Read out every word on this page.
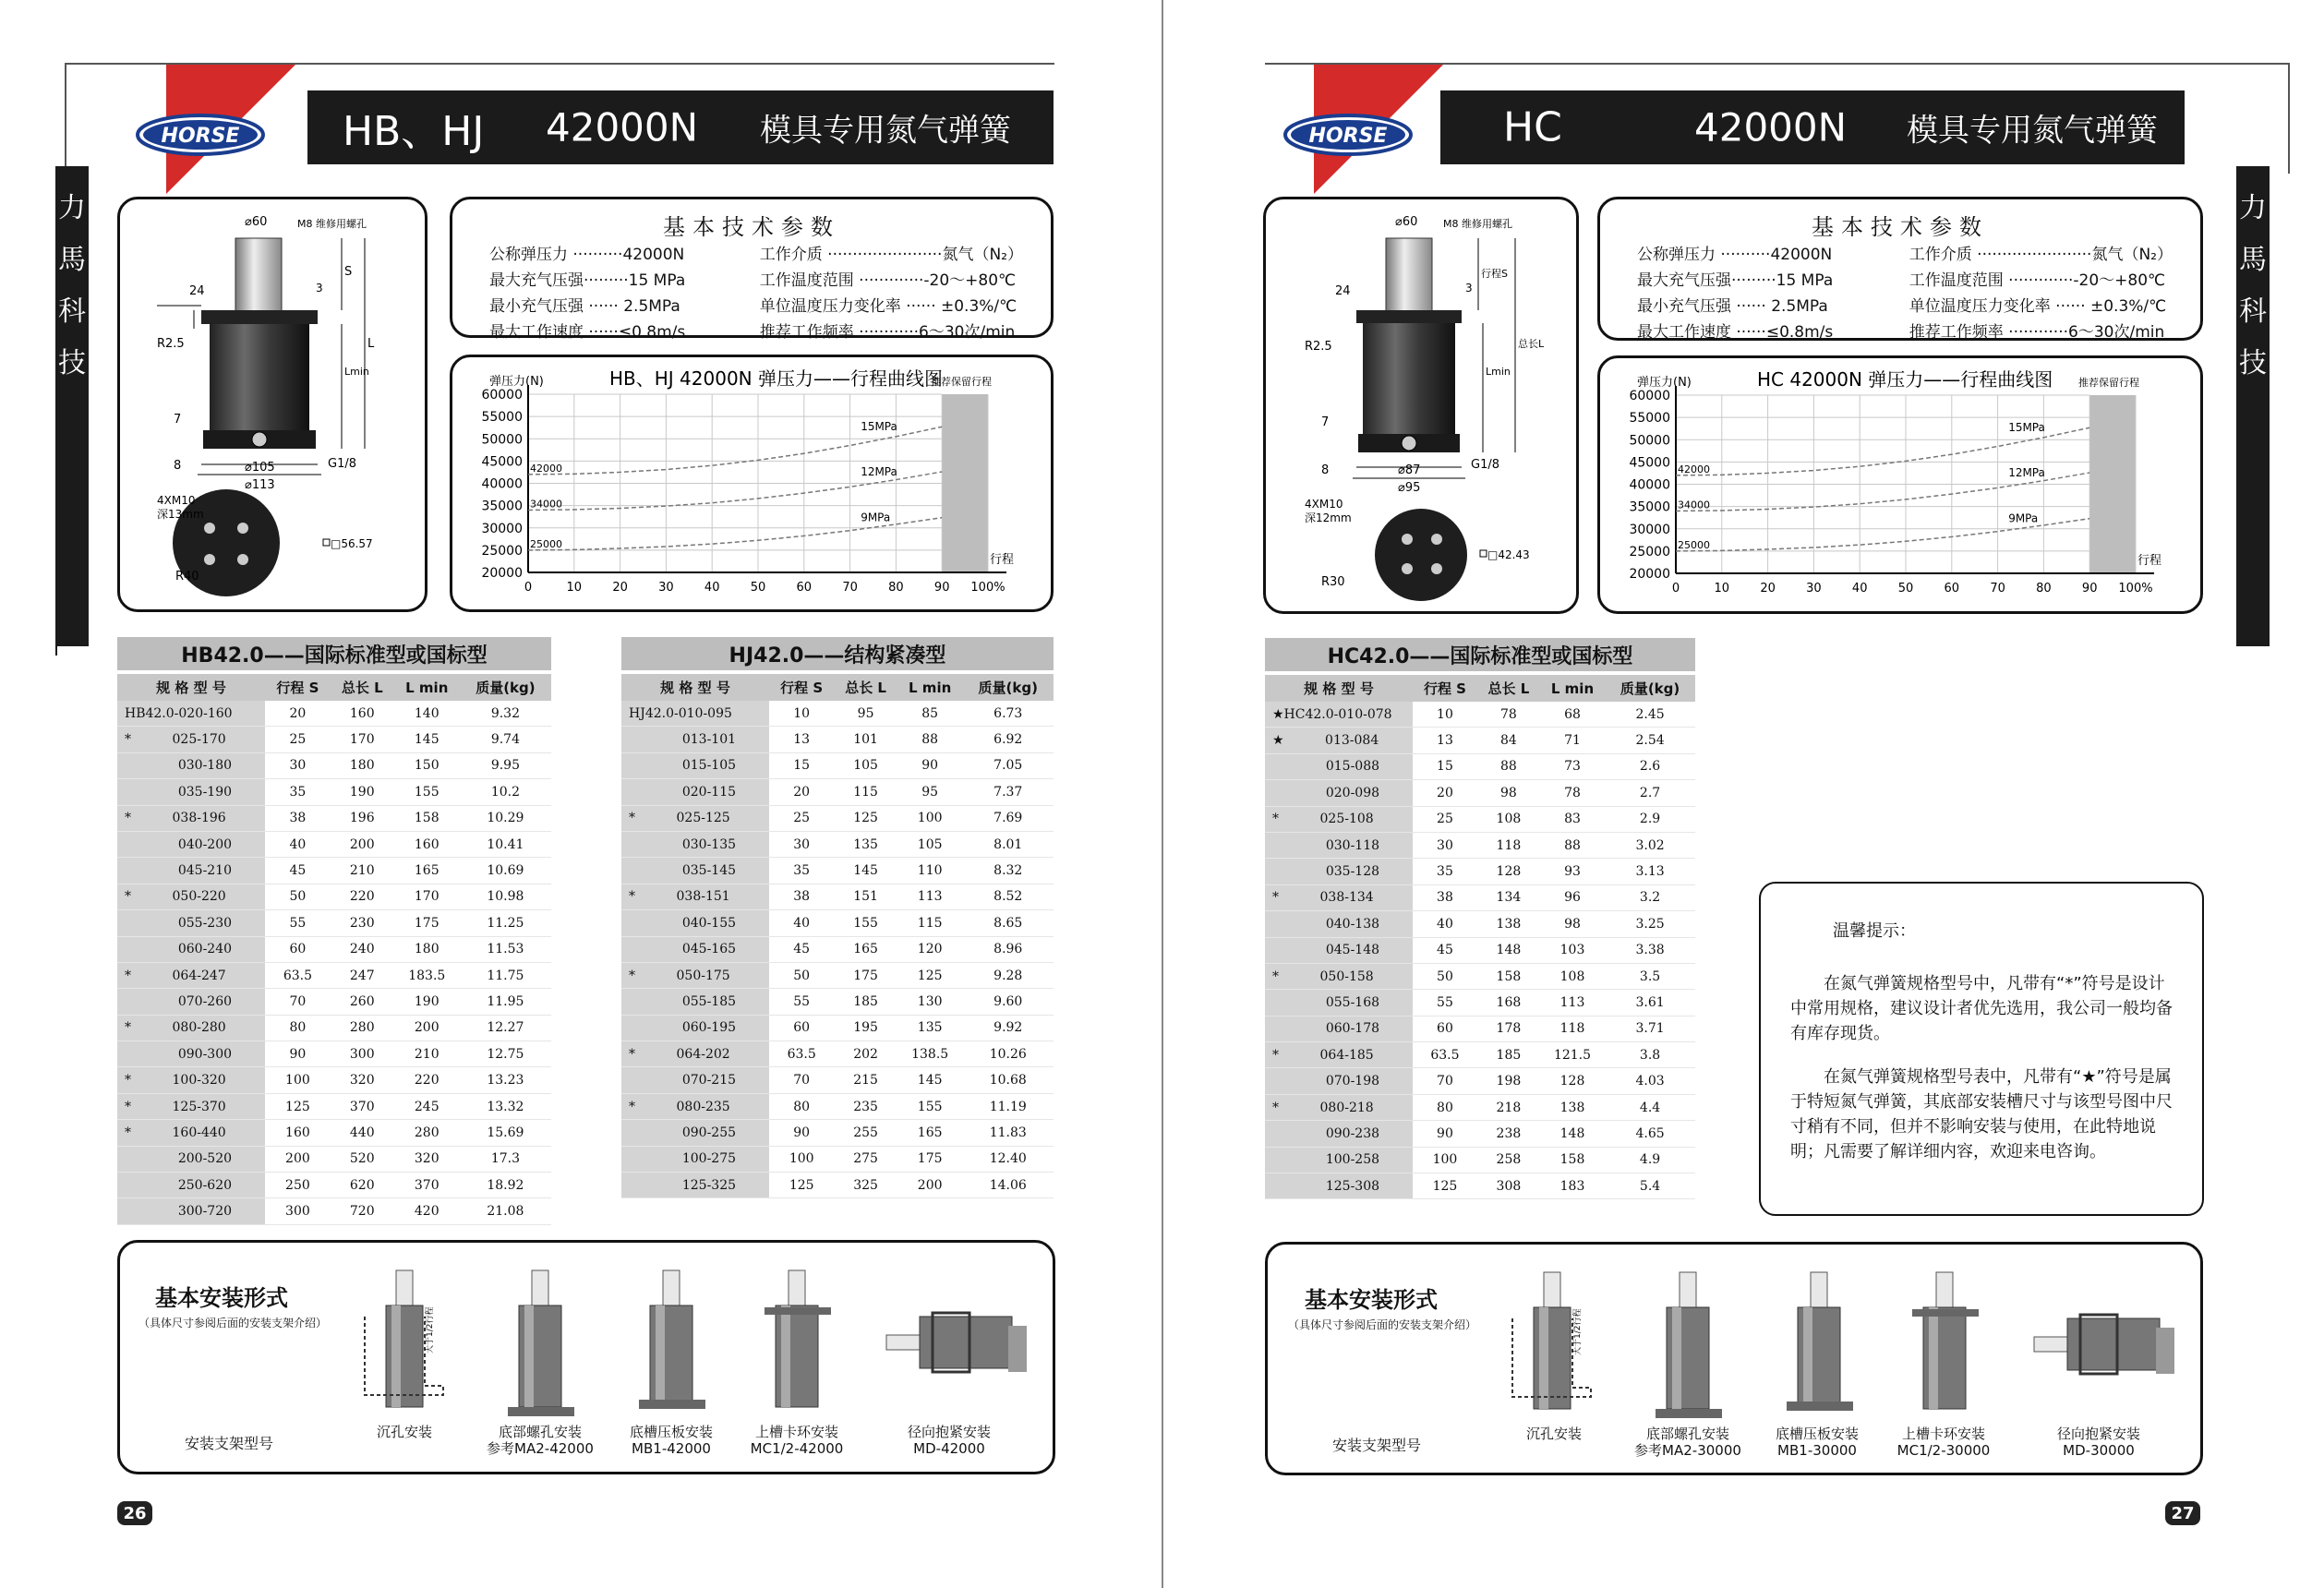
HORSE	HB、HJ 42000N 模具专用氮气弹簧
⌀60	M8 维修用螺孔
24	3
S
L
Lmin
R2.5
7
8	⌀105	G1/8
⌀113
4XM10
深13mm
R40
□56.57
基本技术参数
公称弹压力 ··········42000N	工作介质 ·······················氮气（N₂）
最大充气压强·········15 MPa	工作温度范围 ·············-20～+80℃
最小充气压强 ······ 2.5MPa	单位温度压力变化率 ······ ±0.3%/℃
最大工作速度 ······≤0.8m/s	推荐工作频率 ············6～30次/min
20000
25000
30000
35000
40000
45000
50000
55000
60000
0	10	20	30	40	50	60	70	80	90 100%
弹压力(N)
行程
推荐保留行程
HB、HJ 42000N 弹压力——行程曲线图
42000
15MPa
34000
12MPa
25000
9MPa
HB42.0——国际标准型或国标型
规 格 型 号	行程 S	总长 L	L min	质量(kg)
HB42.0-020-160	20	160	140	9.32
*          025-170	25	170	145	9.74
030-180	30	180	150	9.95
035-190	35	190	155	10.2
*          038-196	38	196	158	10.29
040-200	40	200	160	10.41
045-210	45	210	165	10.69
*          050-220	50	220	170	10.98
055-230	55	230	175	11.25
060-240	60	240	180	11.53
*          064-247	63.5	247	183.5	11.75
070-260	70	260	190	11.95
*          080-280	80	280	200	12.27
090-300	90	300	210	12.75
*          100-320	100	320	220	13.23
*          125-370	125	370	245	13.32
*          160-440	160	440	280	15.69
200-520	200	520	320	17.3
250-620	250	620	370	18.92
300-720	300	720	420	21.08
HJ42.0——结构紧凑型
规 格 型 号	行程 S	总长 L	L min	质量(kg)
HJ42.0-010-095	10	95	85	6.73
013-101	13	101	88	6.92
015-105	15	105	90	7.05
020-115	20	115	95	7.37
*          025-125	25	125	100	7.69
030-135	30	135	105	8.01
035-145	35	145	110	8.32
*          038-151	38	151	113	8.52
040-155	40	155	115	8.65
045-165	45	165	120	8.96
*          050-175	50	175	125	9.28
055-185	55	185	130	9.60
060-195	60	195	135	9.92
*          064-202	63.5	202	138.5	10.26
070-215	70	215	145	10.68
*          080-235	80	235	155	11.19
090-255	90	255	165	11.83
100-275	100	275	175	12.40
125-325	125	325	200	14.06
基本安装形式
（具体尺寸参阅后面的安装支架介绍）
安装支架型号
大于1/2行程
沉孔安装	底部螺孔安装
参考MA2-42000
底槽压板安装
MB1-42000
上槽卡环安装
MC1/2-42000
径向抱紧安装
MD-42000
26
HORSE	HC	42000N 模具专用氮气弹簧
力
馬
科
技
力
馬
科
技
⌀60	M8 维修用螺孔
行程S
总长L
24	3
Lmin
R2.5
7
8	⌀87	G1/8
⌀95
4XM10
深12mm
R30
□42.43
基本技术参数
公称弹压力 ··········42000N	工作介质 ·······················氮气（N₂）
最大充气压强·········15 MPa	工作温度范围 ·············-20～+80℃
最小充气压强 ······ 2.5MPa	单位温度压力变化率 ······ ±0.3%/℃
最大工作速度 ······≤0.8m/s	推荐工作频率 ············6～30次/min
20000
25000
30000
35000
40000
45000
50000
55000
60000
0	10	20	30	40	50	60	70	80	90 100%
弹压力(N)
行程
推荐保留行程
HC 42000N 弹压力——行程曲线图
42000
15MPa
34000
12MPa
25000
9MPa
HC42.0——国际标准型或国标型
规 格 型 号	行程 S	总长 L	L min	质量(kg)
★HC42.0-010-078	10	78	68	2.45
★          013-084	13	84	71	2.54
015-088	15	88	73	2.6
020-098	20	98	78	2.7
*          025-108	25	108	83	2.9
030-118	30	118	88	3.02
035-128	35	128	93	3.13
*          038-134	38	134	96	3.2
040-138	40	138	98	3.25
045-148	45	148	103	3.38
*          050-158	50	158	108	3.5
055-168	55	168	113	3.61
060-178	60	178	118	3.71
*          064-185	63.5	185	121.5	3.8
070-198	70	198	128	4.03
*          080-218	80	218	138	4.4
090-238	90	238	148	4.65
100-258	100	258	158	4.9
125-308	125	308	183	5.4
温馨提示：
在氮气弹簧规格型号中，凡带有“*”符号是设计中常用规格，建议设计者优先选用，我公司一般均备有库存现货。
在氮气弹簧规格型号表中，凡带有“★”符号是属于特短氮气弹簧，其底部安装槽尺寸与该型号图中尺寸稍有不同，但并不影响安装与使用，在此特地说明；凡需要了解详细内容，欢迎来电咨询。
基本安装形式
（具体尺寸参阅后面的安装支架介绍）
安装支架型号
大于1/2行程
沉孔安装	底部螺孔安装
参考MA2-30000
底槽压板安装
MB1-30000
上槽卡环安装
MC1/2-30000
径向抱紧安装
MD-30000
27
